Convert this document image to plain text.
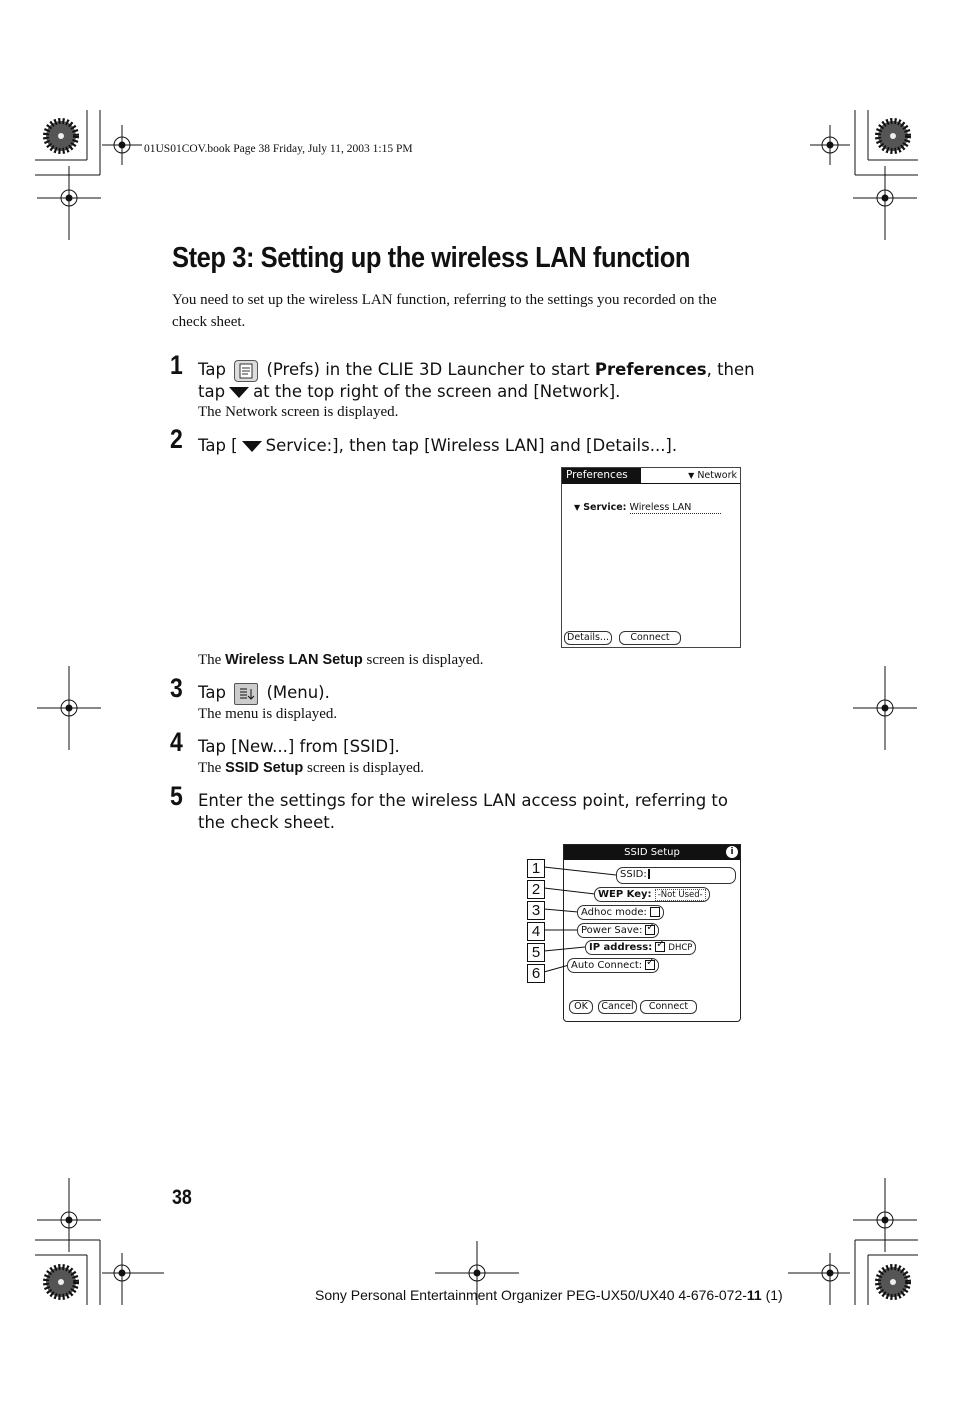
01US01COV.book Page 38 Friday, July 11, 2003 1:15 PM
Step 3: Setting up the wireless LAN function
You need to set up the wireless LAN function, referring to the settings you recorded on the check sheet.
1 Tap (Prefs) in the CLIE 3D Launcher to start Preferences, then
tap at the top right of the screen and [Network].
The Network screen is displayed.
2 Tap [ Service:], then tap [Wireless LAN] and [Details...].
Preferences	▼ Network
▼ Service: Wireless LAN
Details...	Connect
The Wireless LAN Setup screen is displayed.
3 Tap (Menu).
The menu is displayed.
4 Tap [New...] from [SSID].
The SSID Setup screen is displayed.
5 Enter the settings for the wireless LAN access point, referring to
the check sheet.
SSID Setup	i
SSID:
WEP Key: -Not Used-
Adhoc mode:
Power Save:✓
IP address:✓ DHCP
Auto Connect:✓
OK	Cancel	Connect
1
2
3
4
5
6
38
Sony Personal Entertainment Organizer PEG-UX50/UX40 4-676-072-11 (1)
